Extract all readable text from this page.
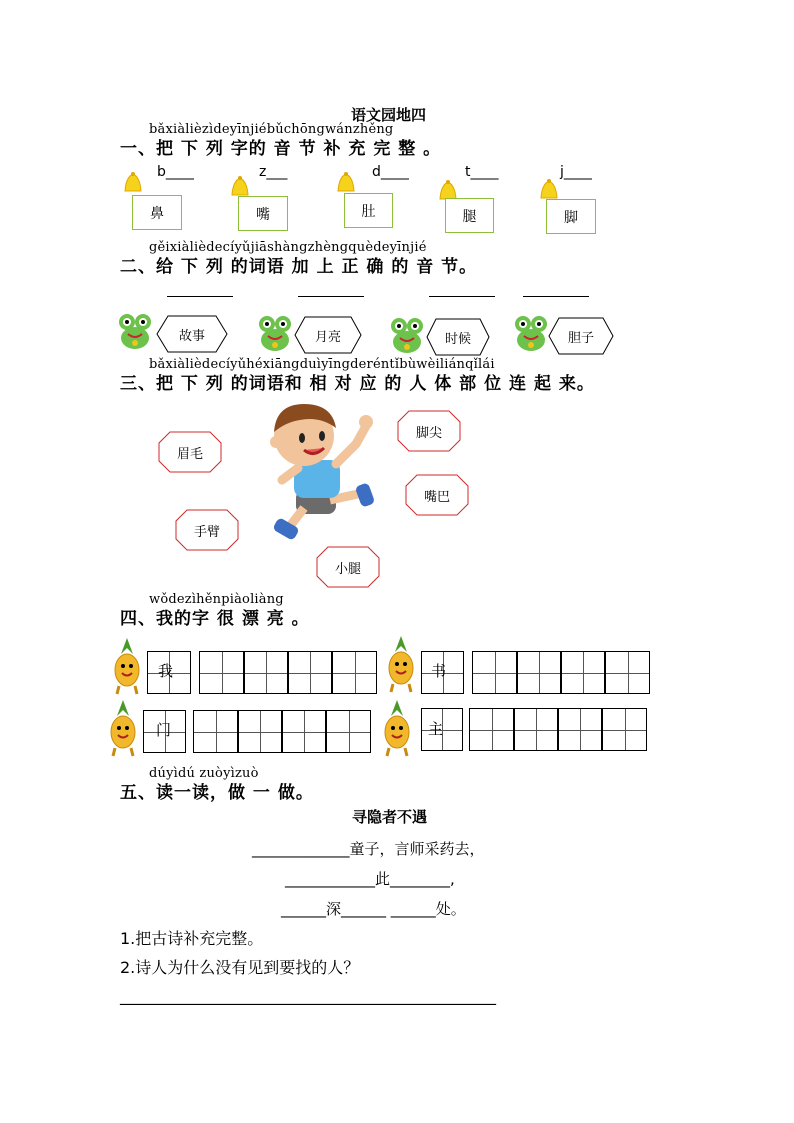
语文园地四
bǎxiàlièzìdeyīnjiébǔchōngwánzhěng
一、把 下 列 字的 音 节 补 充 完 整 。
b____
鼻
z___
嘴
d____
肚
t____
腿
j____
脚
gěixiàlièdecíyǔjiāshàngzhèngquèdeyīnjié
二、给 下 列 的词语 加 上 正 确 的 音 节。
故事	月亮	时候	胆子
bǎxiàlièdecíyǔhéxiāngduìyīngderéntǐbùwèiliánqǐlái
三、把 下 列 的词语和 相 对 应 的 人 体 部 位 连 起 来。
眉毛
手臂
脚尖
嘴巴
小腿
wǒdezìhěnpiàoliàng
四、我的字 很 漂 亮 。
我	书
门	主
dúyìdú zuòyìzuò
五、读一读，做 一 做。
寻隐者不遇
_____________童子，言师采药去，
____________此________,
______深______ ______处。
1.把古诗补充完整。
2.诗人为什么没有见到要找的人？
_______________________________________________
